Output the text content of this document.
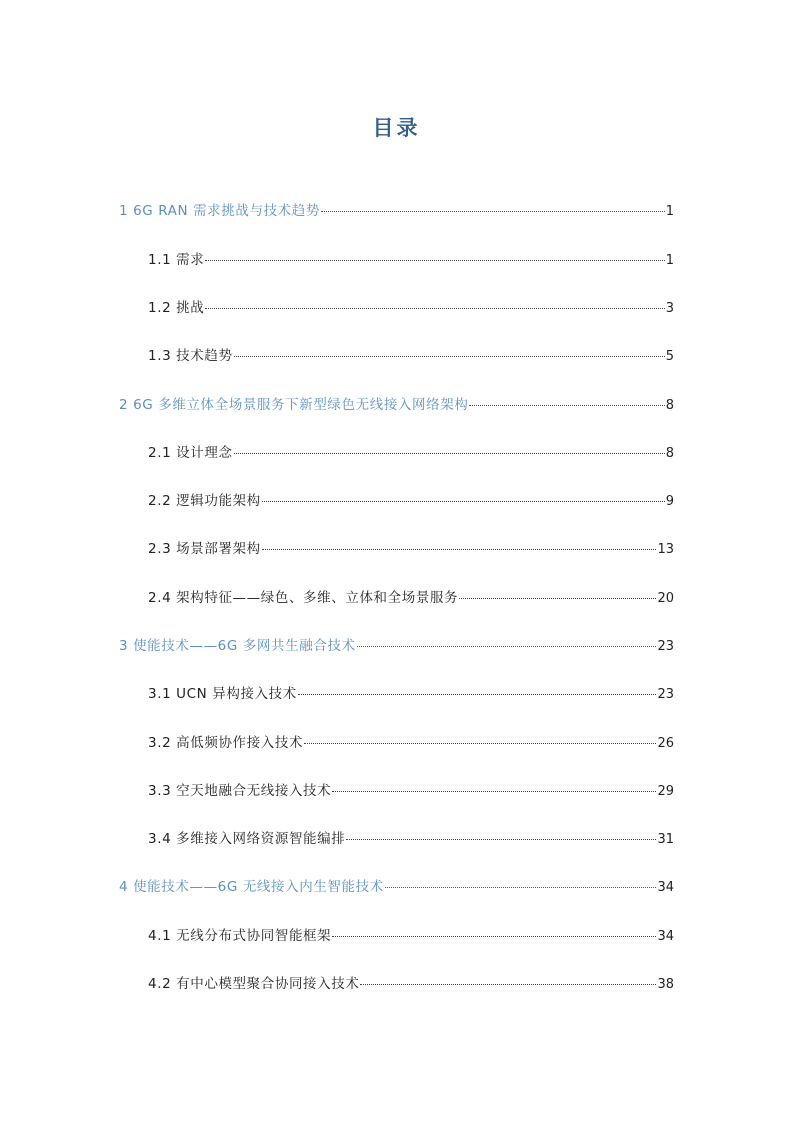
目录
1 6G RAN 需求挑战与技术趋势	1
1.1 需求	1
1.2 挑战	3
1.3 技术趋势	5
2 6G 多维立体全场景服务下新型绿色无线接入网络架构	8
2.1 设计理念	8
2.2 逻辑功能架构	9
2.3 场景部署架构	13
2.4 架构特征——绿色、多维、立体和全场景服务	20
3 使能技术——6G 多网共生融合技术	23
3.1 UCN 异构接入技术	23
3.2 高低频协作接入技术	26
3.3 空天地融合无线接入技术	29
3.4 多维接入网络资源智能编排	31
4 使能技术——6G 无线接入内生智能技术	34
4.1 无线分布式协同智能框架	34
4.2 有中心模型聚合协同接入技术	38
